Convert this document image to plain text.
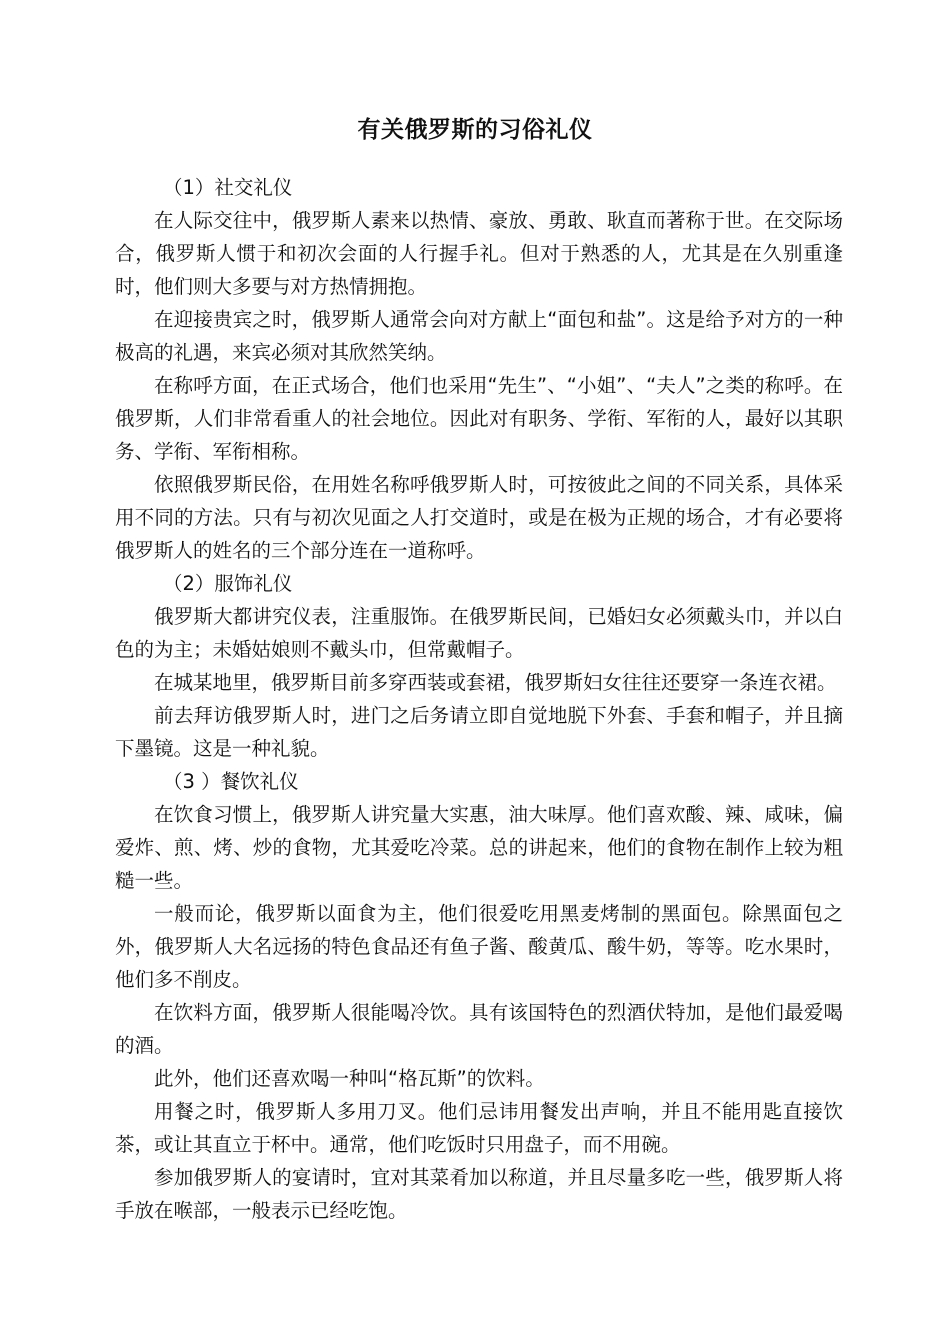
有关俄罗斯的习俗礼仪

（1）社交礼仪

在人际交往中，俄罗斯人素来以热情、豪放、勇敢、耿直而著称于世。在交际场合，俄罗斯人惯于和初次会面的人行握手礼。但对于熟悉的人，尤其是在久别重逢时，他们则大多要与对方热情拥抱。

在迎接贵宾之时，俄罗斯人通常会向对方献上“面包和盐”。这是给予对方的一种极高的礼遇，来宾必须对其欣然笑纳。

在称呼方面，在正式场合，他们也采用“先生”、“小姐”、“夫人”之类的称呼。在俄罗斯，人们非常看重人的社会地位。因此对有职务、学衔、军衔的人，最好以其职务、学衔、军衔相称。

依照俄罗斯民俗，在用姓名称呼俄罗斯人时，可按彼此之间的不同关系，具体采用不同的方法。只有与初次见面之人打交道时，或是在极为正规的场合，才有必要将俄罗斯人的姓名的三个部分连在一道称呼。

（2）服饰礼仪

俄罗斯大都讲究仪表，注重服饰。在俄罗斯民间，已婚妇女必须戴头巾，并以白色的为主；未婚姑娘则不戴头巾，但常戴帽子。

在城某地里，俄罗斯目前多穿西装或套裙，俄罗斯妇女往往还要穿一条连衣裙。

前去拜访俄罗斯人时，进门之后务请立即自觉地脱下外套、手套和帽子，并且摘下墨镜。这是一种礼貌。

（3 ）餐饮礼仪

在饮食习惯上，俄罗斯人讲究量大实惠，油大味厚。他们喜欢酸、辣、咸味，偏爱炸、煎、烤、炒的食物，尤其爱吃冷菜。总的讲起来，他们的食物在制作上较为粗糙一些。

一般而论，俄罗斯以面食为主，他们很爱吃用黑麦烤制的黑面包。除黑面包之外，俄罗斯人大名远扬的特色食品还有鱼子酱、酸黄瓜、酸牛奶，等等。吃水果时，他们多不削皮。

在饮料方面，俄罗斯人很能喝冷饮。具有该国特色的烈酒伏特加，是他们最爱喝的酒。

此外，他们还喜欢喝一种叫“格瓦斯”的饮料。

用餐之时，俄罗斯人多用刀叉。他们忌讳用餐发出声响，并且不能用匙直接饮茶，或让其直立于杯中。通常，他们吃饭时只用盘子，而不用碗。

参加俄罗斯人的宴请时，宜对其菜肴加以称道，并且尽量多吃一些，俄罗斯人将手放在喉部，一般表示已经吃饱。
